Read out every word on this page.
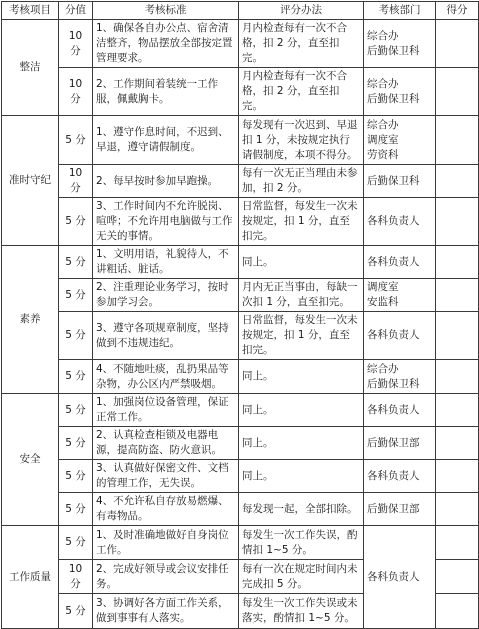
考核项目	分值	考核标准	评分办法	考核部门	得分
整洁	10 分	1、确保各自办公点、宿舍清洁整齐，物品摆放全部按定置管理要求。	月内检查每有一次不合格，扣 2 分，直至扣完。	综合办
后勤保卫科	
	10 分	2、工作期间着装统一工作服，佩戴胸卡。	月内检查每有一次不合格，扣 2 分，直至扣完。	综合办
后勤保卫科	
准时守纪	5 分	1、遵守作息时间，不迟到、早退，遵守请假制度。	每发现有一次迟到、早退扣 1 分，未按规定执行请假制度，本项不得分。	综合办
调度室
劳资科	
	10 分	2、每早按时参加早跑操。	每有一次无正当理由未参加，扣 2 分。	后勤保卫科	
	5 分	3、工作时间内不允许脱岗、喧哗；不允许用电脑做与工作无关的事情。	日常监督，每发生一次未按规定，扣 1 分，直至扣完。	各科负责人	
素养	5 分	1、文明用语，礼貌待人，不讲粗话、脏话。	同上。	各科负责人	
	5 分	2、注重理论业务学习，按时参加学习会。	月内无正当事由，每缺一次扣 1 分，直至扣完。	调度室
安监科	
	5 分	3、遵守各项规章制度，坚持做到不违规违纪。	日常监督，每发生一次未按规定，扣 1 分，直至扣完。	各科负责人	
	5 分	4、不随地吐痰，乱扔果品等杂物，办公区内严禁吸烟。	同上。	综合办
后勤保卫科	
安全	5 分	1、加强岗位设备管理，保证正常工作。	同上。	各科负责人	
	5 分	2、认真检查柜锁及电器电源，提高防盗、防火意识。	同上。	后勤保卫部	
	5 分	3、认真做好保密文件、文档的管理工作，无失误。	同上。	各科负责人	
	5 分	4、不允许私自存放易燃爆、有毒物品。	每发现一起，全部扣除。	后勤保卫部	
工作质量	5 分	1、及时准确地做好自身岗位工作。	每发生一次工作失误，酌情扣 1~5 分。	各科负责人	
	10 分	2、完成好领导或会议安排任务。	每有一次在规定时间内未完成扣 5 分。		
	5 分	3、协调好各方面工作关系，做到事事有人落实。	每发生一次工作失误或未落实，酌情扣 1~5 分。		
